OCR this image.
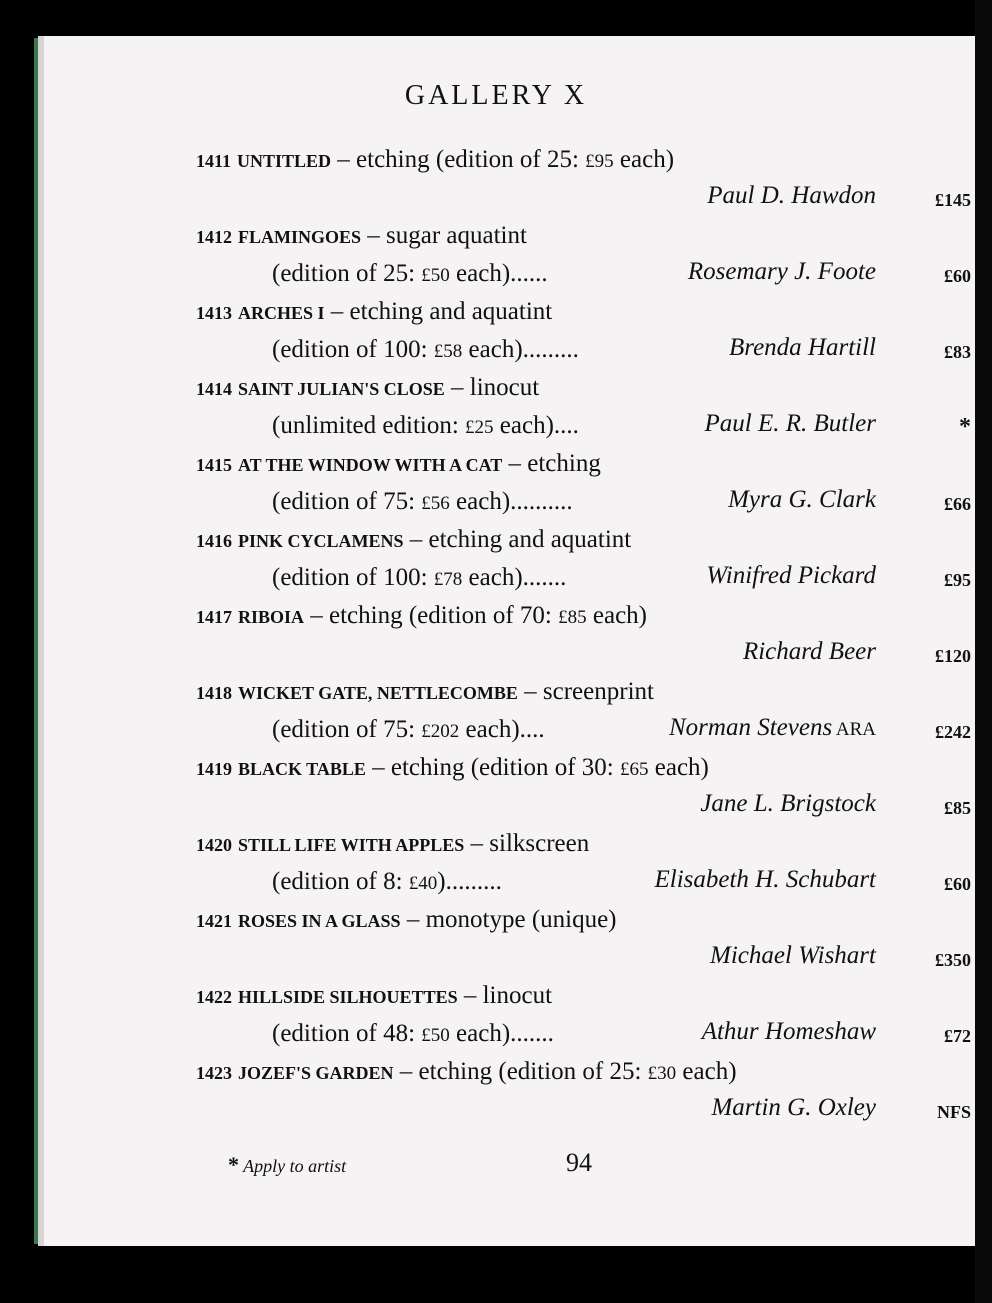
GALLERY X
1411 UNTITLED – etching (edition of 25: £95 each)
Paul D. Hawdon	£145
1412 FLAMINGOES – sugar aquatint
(edition of 25: £50 each)......	Rosemary J. Foote	£60
1413 ARCHES I – etching and aquatint
(edition of 100: £58 each).........	Brenda Hartill	£83
1414 SAINT JULIAN'S CLOSE – linocut
(unlimited edition: £25 each)....	Paul E. R. Butler	*
1415 AT THE WINDOW WITH A CAT – etching
(edition of 75: £56 each)..........	Myra G. Clark	£66
1416 PINK CYCLAMENS – etching and aquatint
(edition of 100: £78 each).......	Winifred Pickard	£95
1417 RIBOIA – etching (edition of 70: £85 each)
Richard Beer	£120
1418 WICKET GATE, NETTLECOMBE – screenprint
(edition of 75: £202 each)....	Norman Stevens ARA	£242
1419 BLACK TABLE – etching (edition of 30: £65 each)
Jane L. Brigstock	£85
1420 STILL LIFE WITH APPLES – silkscreen
(edition of 8: £40).........	Elisabeth H. Schubart	£60
1421 ROSES IN A GLASS – monotype (unique)
Michael Wishart	£350
1422 HILLSIDE SILHOUETTES – linocut
(edition of 48: £50 each).......	Athur Homeshaw	£72
1423 JOZEF'S GARDEN – etching (edition of 25: £30 each)
Martin G. Oxley	NFS
* Apply to artist	94
